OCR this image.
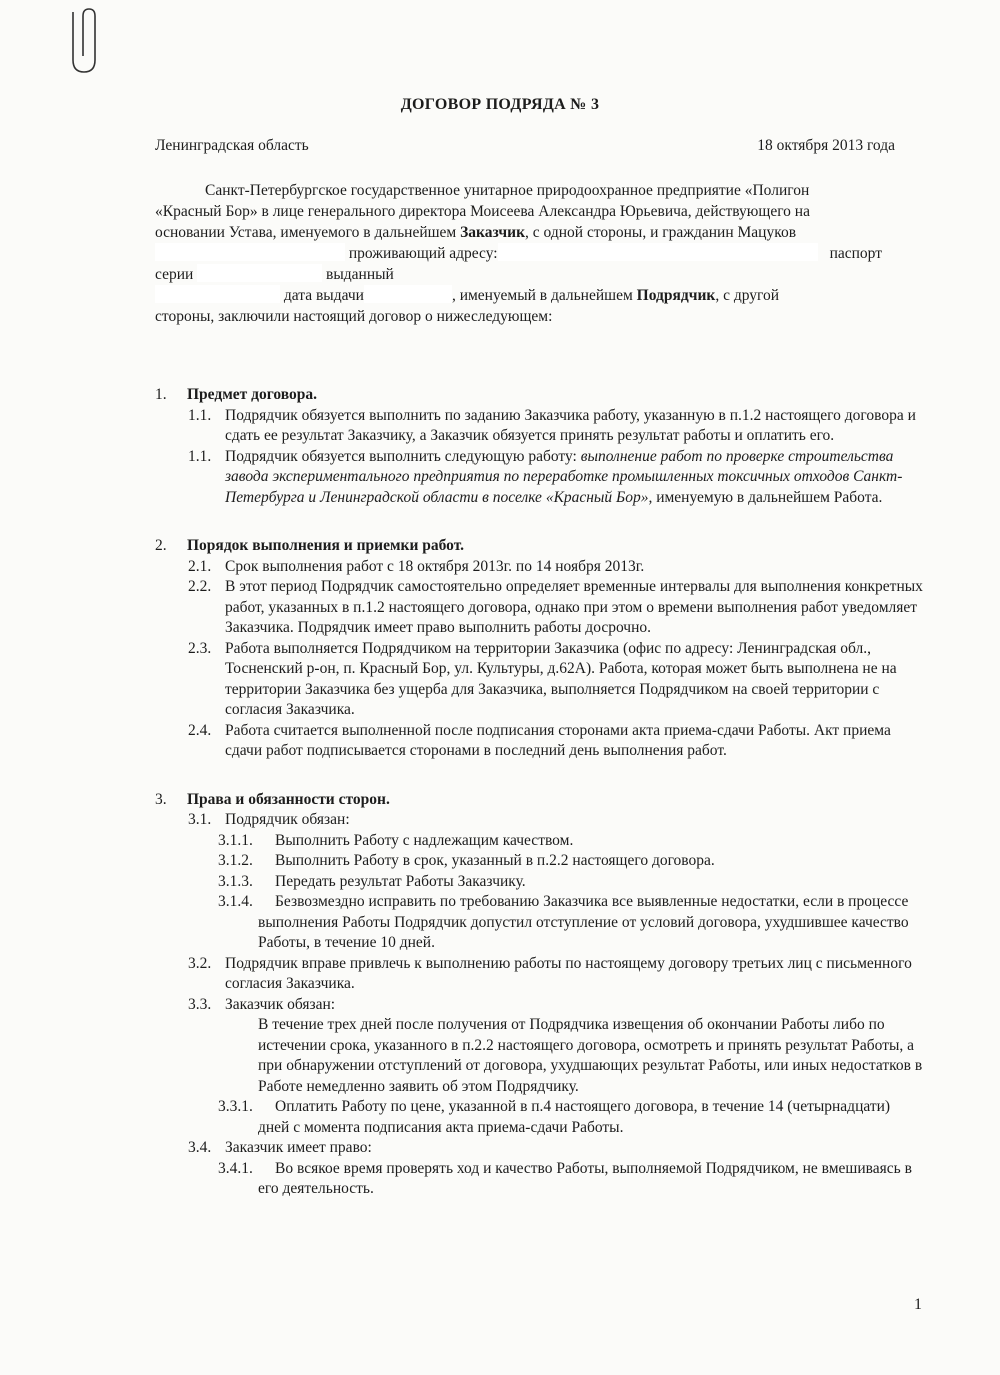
ДОГОВОР ПОДРЯДА № 3
Ленинградская область	18 октября 2013 года
Санкт-Петербургское государственное унитарное природоохранное предприятие «Полигон
«Красный Бор» в лице генерального директора Моисеева Александра Юрьевича, действующего на
основании Устава, именуемого в дальнейшем Заказчик, с одной стороны, и гражданин Мацуков
проживающий адресу:	паспорт
серии	выданный
дата выдачи	, именуемый в дальнейшем Подрядчик, с другой
стороны, заключили настоящий договор о нижеследующем:
1. Предмет договора.
1.1. Подрядчик обязуется выполнить по заданию Заказчика работу, указанную в п.1.2 настоящего договора и сдать ее результат Заказчику, а Заказчик обязуется принять результат работы и оплатить его.
1.1. Подрядчик обязуется выполнить следующую работу: выполнение работ по проверке строительства завода экспериментального предприятия по переработке промышленных токсичных отходов Санкт-Петербурга и Ленинградской области в поселке «Красный Бор», именуемую в дальнейшем Работа.
2. Порядок выполнения и приемки работ.
2.1. Срок выполнения работ с 18 октября 2013г. по 14 ноября 2013г.
2.2. В этот период Подрядчик самостоятельно определяет временные интервалы для выполнения конкретных работ, указанных в п.1.2 настоящего договора, однако при этом о времени выполнения работ уведомляет Заказчика. Подрядчик имеет право выполнить работы досрочно.
2.3. Работа выполняется Подрядчиком на территории Заказчика (офис по адресу: Ленинградская обл., Тосненский р-он, п. Красный Бор, ул. Культуры, д.62А). Работа, которая может быть выполнена не на территории Заказчика без ущерба для Заказчика, выполняется Подрядчиком на своей территории с согласия Заказчика.
2.4. Работа считается выполненной после подписания сторонами акта приема-сдачи Работы. Акт приема сдачи работ подписывается сторонами в последний день выполнения работ.
3. Права и обязанности сторон.
3.1. Подрядчик обязан:
3.1.1. Выполнить Работу с надлежащим качеством.
3.1.2. Выполнить Работу в срок, указанный в п.2.2 настоящего договора.
3.1.3. Передать результат Работы Заказчику.
3.1.4. Безвозмездно исправить по требованию Заказчика все выявленные недостатки, если в процессе выполнения Работы Подрядчик допустил отступление от условий договора, ухудшившее качество Работы, в течение 10 дней.
3.2. Подрядчик вправе привлечь к выполнению работы по настоящему договору третьих лиц с письменного согласия Заказчика.
3.3. Заказчик обязан:
В течение трех дней после получения от Подрядчика извещения об окончании Работы либо по истечении срока, указанного в п.2.2 настоящего договора, осмотреть и принять результат Работы, а при обнаружении отступлений от договора, ухудшающих результат Работы, или иных недостатков в Работе немедленно заявить об этом Подрядчику.
3.3.1. Оплатить Работу по цене, указанной в п.4 настоящего договора, в течение 14 (четырнадцати) дней с момента подписания акта приема-сдачи Работы.
3.4. Заказчик имеет право:
3.4.1. Во всякое время проверять ход и качество Работы, выполняемой Подрядчиком, не вмешиваясь в его деятельность.
1
